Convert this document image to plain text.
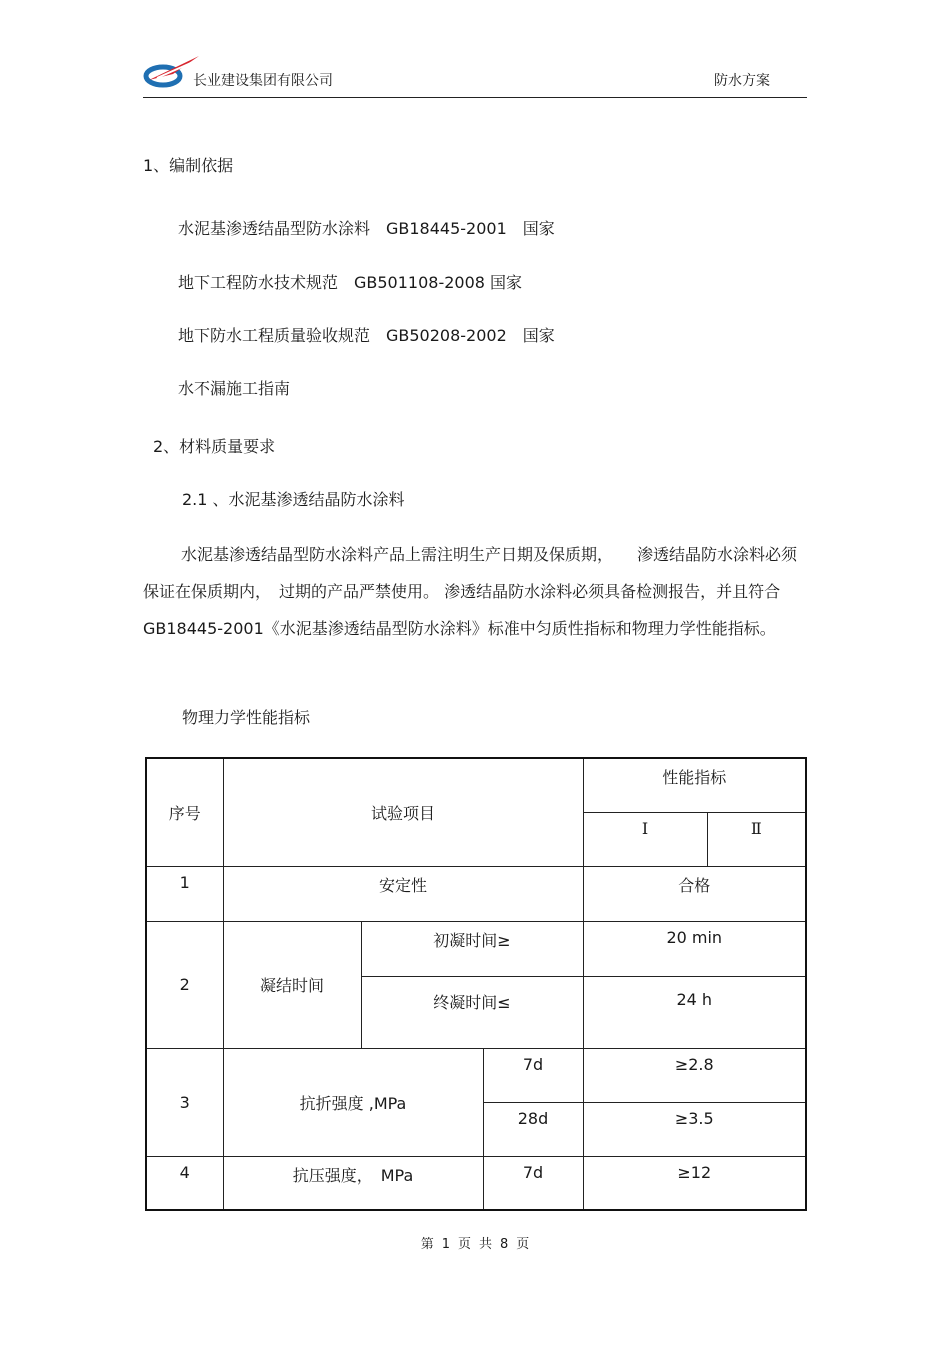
长业建设集团有限公司	防水方案
1、编制依据
水泥基渗透结晶型防水涂料　GB18445-2001　国家
地下工程防水技术规范　GB501108-2008 国家
地下防水工程质量验收规范　GB50208-2002　国家
水不漏施工指南
2、材料质量要求
2.1 、水泥基渗透结晶防水涂料

水泥基渗透结晶型防水涂料产品上需注明生产日期及保质期，　　渗透结晶防水涂料必须保证在保质期内，　过期的产品严禁使用。 渗透结晶防水涂料必须具备检测报告，并且符合　GB18445-2001《水泥基渗透结晶型防水涂料》标准中匀质性指标和物理力学性能指标。

物理力学性能指标
序号	试验项目			性能指标	
				Ⅰ	Ⅱ
1	安定性			合格	
2	凝结时间	初凝时间≥		20 min	
		终凝时间≤		24 h	
3	抗折强度 ,MPa		7d	≥2.8	
			28d	≥3.5	
4	抗压强度，　MPa		7d	≥12	
第 1 页 共 8 页
